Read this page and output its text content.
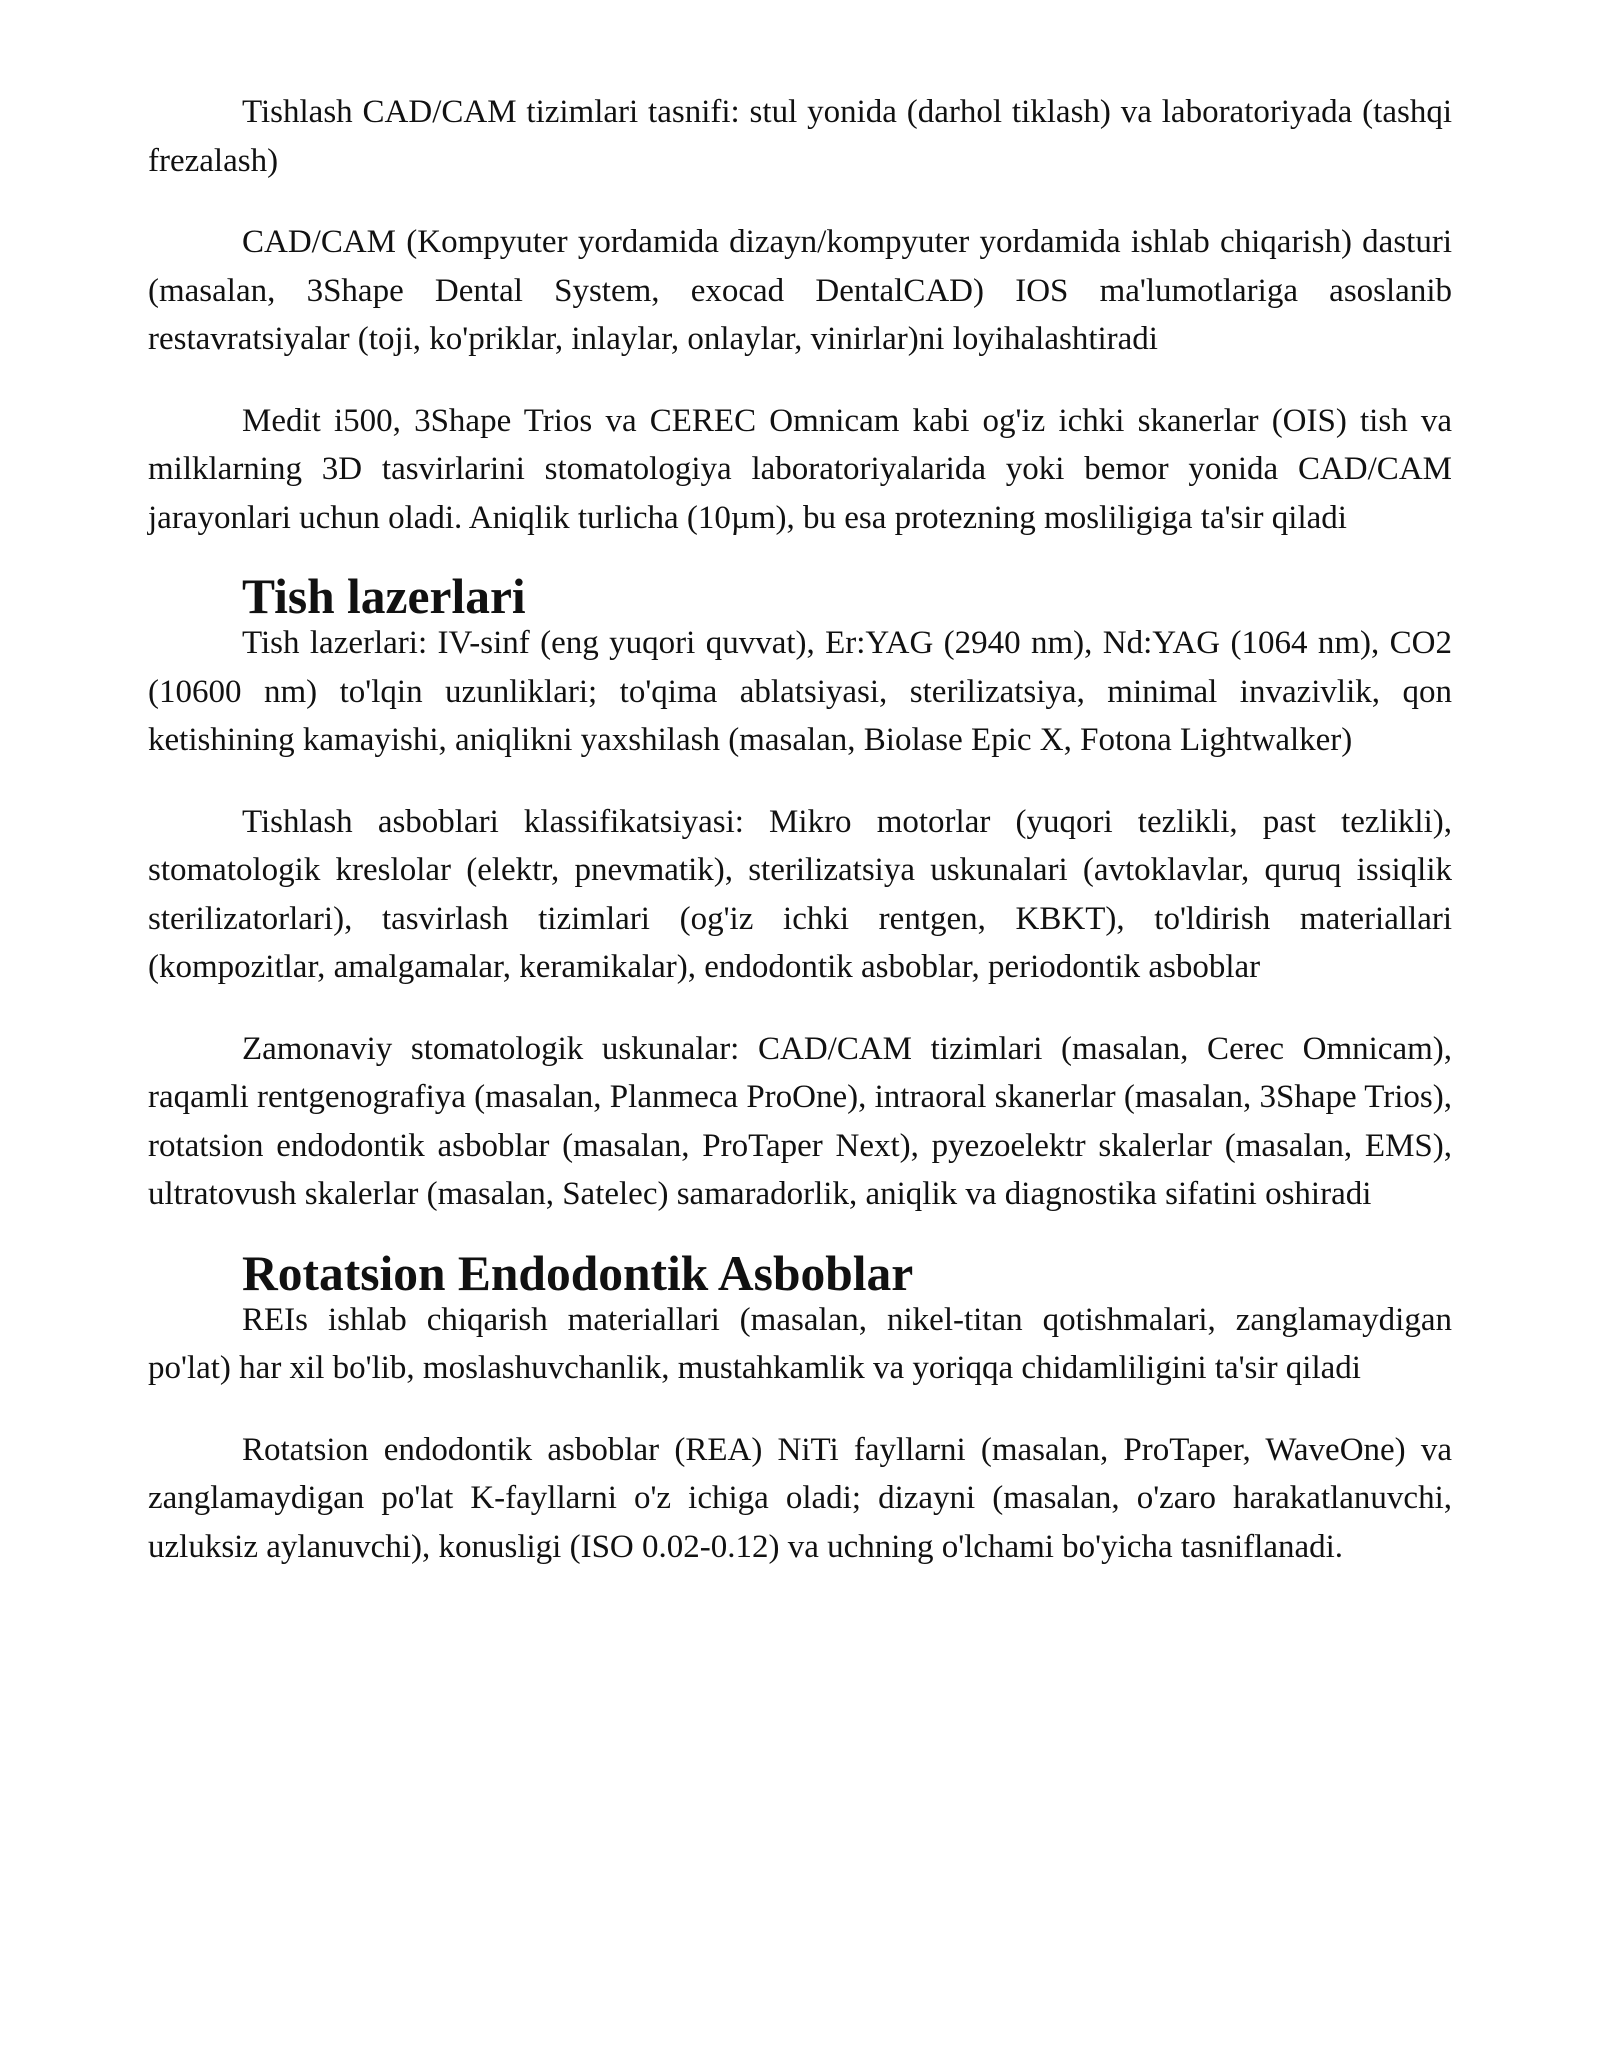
Tishlash CAD/CAM tizimlari tasnifi: stul yonida (darhol tiklash) va laboratoriyada (tashqi frezalash)

CAD/CAM (Kompyuter yordamida dizayn/kompyuter yordamida ishlab chiqarish) dasturi (masalan, 3Shape Dental System, exocad DentalCAD) IOS ma'lumotlariga asoslanib restavratsiyalar (toji, ko'priklar, inlaylar, onlaylar, vinirlar)ni loyihalashtiradi

Medit i500, 3Shape Trios va CEREC Omnicam kabi og'iz ichki skanerlar (OIS) tish va milklarning 3D tasvirlarini stomatologiya laboratoriyalarida yoki bemor yonida CAD/CAM jarayonlari uchun oladi. Aniqlik turlicha (10µm), bu esa protezning mosliligiga ta'sir qiladi

Tish lazerlari

Tish lazerlari: IV-sinf (eng yuqori quvvat), Er:YAG (2940 nm), Nd:YAG (1064 nm), CO2 (10600 nm) to'lqin uzunliklari; to'qima ablatsiyasi, sterilizatsiya, minimal invazivlik, qon ketishining kamayishi, aniqlikni yaxshilash (masalan, Biolase Epic X, Fotona Lightwalker)

Tishlash asboblari klassifikatsiyasi: Mikro motorlar (yuqori tezlikli, past tezlikli), stomatologik kreslolar (elektr, pnevmatik), sterilizatsiya uskunalari (avtoklavlar, quruq issiqlik sterilizatorlari), tasvirlash tizimlari (og'iz ichki rentgen, KBKT), to'ldirish materiallari (kompozitlar, amalgamalar, keramikalar), endodontik asboblar, periodontik asboblar

Zamonaviy stomatologik uskunalar: CAD/CAM tizimlari (masalan, Cerec Omnicam), raqamli rentgenografiya (masalan, Planmeca ProOne), intraoral skanerlar (masalan, 3Shape Trios), rotatsion endodontik asboblar (masalan, ProTaper Next), pyezoelektr skalerlar (masalan, EMS), ultratovush skalerlar (masalan, Satelec) samaradorlik, aniqlik va diagnostika sifatini oshiradi

Rotatsion Endodontik Asboblar

REIs ishlab chiqarish materiallari (masalan, nikel-titan qotishmalari, zanglamaydigan po'lat) har xil bo'lib, moslashuvchanlik, mustahkamlik va yoriqqa chidamliligini ta'sir qiladi

Rotatsion endodontik asboblar (REA) NiTi fayllarni (masalan, ProTaper, WaveOne) va zanglamaydigan po'lat K-fayllarni o'z ichiga oladi; dizayni (masalan, o'zaro harakatlanuvchi, uzluksiz aylanuvchi), konusligi (ISO 0.02-0.12) va uchning o'lchami bo'yicha tasniflanadi.
